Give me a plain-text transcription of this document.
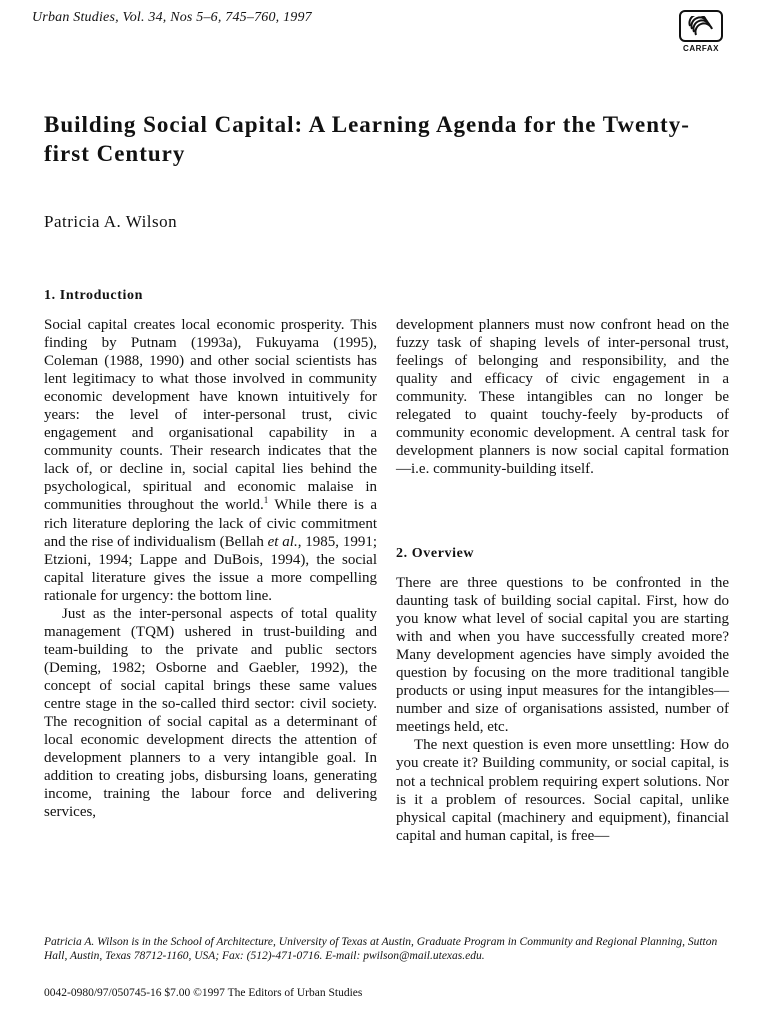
Urban Studies, Vol. 34, Nos 5–6, 745–760, 1997
CARFAX
Building Social Capital: A Learning Agenda for the Twenty-first Century
Patricia A. Wilson
1. Introduction

Social capital creates local economic prosperity. This finding by Putnam (1993a), Fukuyama (1995), Coleman (1988, 1990) and other social scientists has lent legitimacy to what those involved in community economic development have known intuitively for years: the level of inter-personal trust, civic engagement and organisational capability in a community counts. Their research indicates that the lack of, or decline in, social capital lies behind the psychological, spiritual and economic malaise in communities throughout the world.$^1$ While there is a rich literature deploring the lack of civic commitment and the rise of individualism (Bellah et al., 1985, 1991; Etzioni, 1994; Lappe and DuBois, 1994), the social capital literature gives the issue a more compelling rationale for urgency: the bottom line.

Just as the inter-personal aspects of total quality management (TQM) ushered in trust-building and team-building to the private and public sectors (Deming, 1982; Osborne and Gaebler, 1992), the concept of social capital brings these same values centre stage in the so-called third sector: civil society. The recognition of social capital as a determinant of local economic development directs the attention of development planners to a very intangible goal. In addition to creating jobs, disbursing loans, generating income, training the labour force and delivering services,

development planners must now confront head on the fuzzy task of shaping levels of inter-personal trust, feelings of belonging and responsibility, and the quality and efficacy of civic engagement in a community. These intangibles can no longer be relegated to quaint touchy-feely by-products of community economic development. A central task for development planners is now social capital formation—i.e. community-building itself.

2. Overview

There are three questions to be confronted in the daunting task of building social capital. First, how do you know what level of social capital you are starting with and when you have successfully created more? Many development agencies have simply avoided the question by focusing on the more traditional tangible products or using input measures for the intangibles—number and size of organisations assisted, number of meetings held, etc.

The next question is even more unsettling: How do you create it? Building community, or social capital, is not a technical problem requiring expert solutions. Nor is it a problem of resources. Social capital, unlike physical capital (machinery and equipment), financial capital and human capital, is free—

Patricia A. Wilson is in the School of Architecture, University of Texas at Austin, Graduate Program in Community and Regional Planning, Sutton Hall, Austin, Texas 78712-1160, USA; Fax: (512)-471-0716. E-mail: pwilson@mail.utexas.edu.
0042-0980/97/050745-16 $7.00 ©1997 The Editors of Urban Studies
